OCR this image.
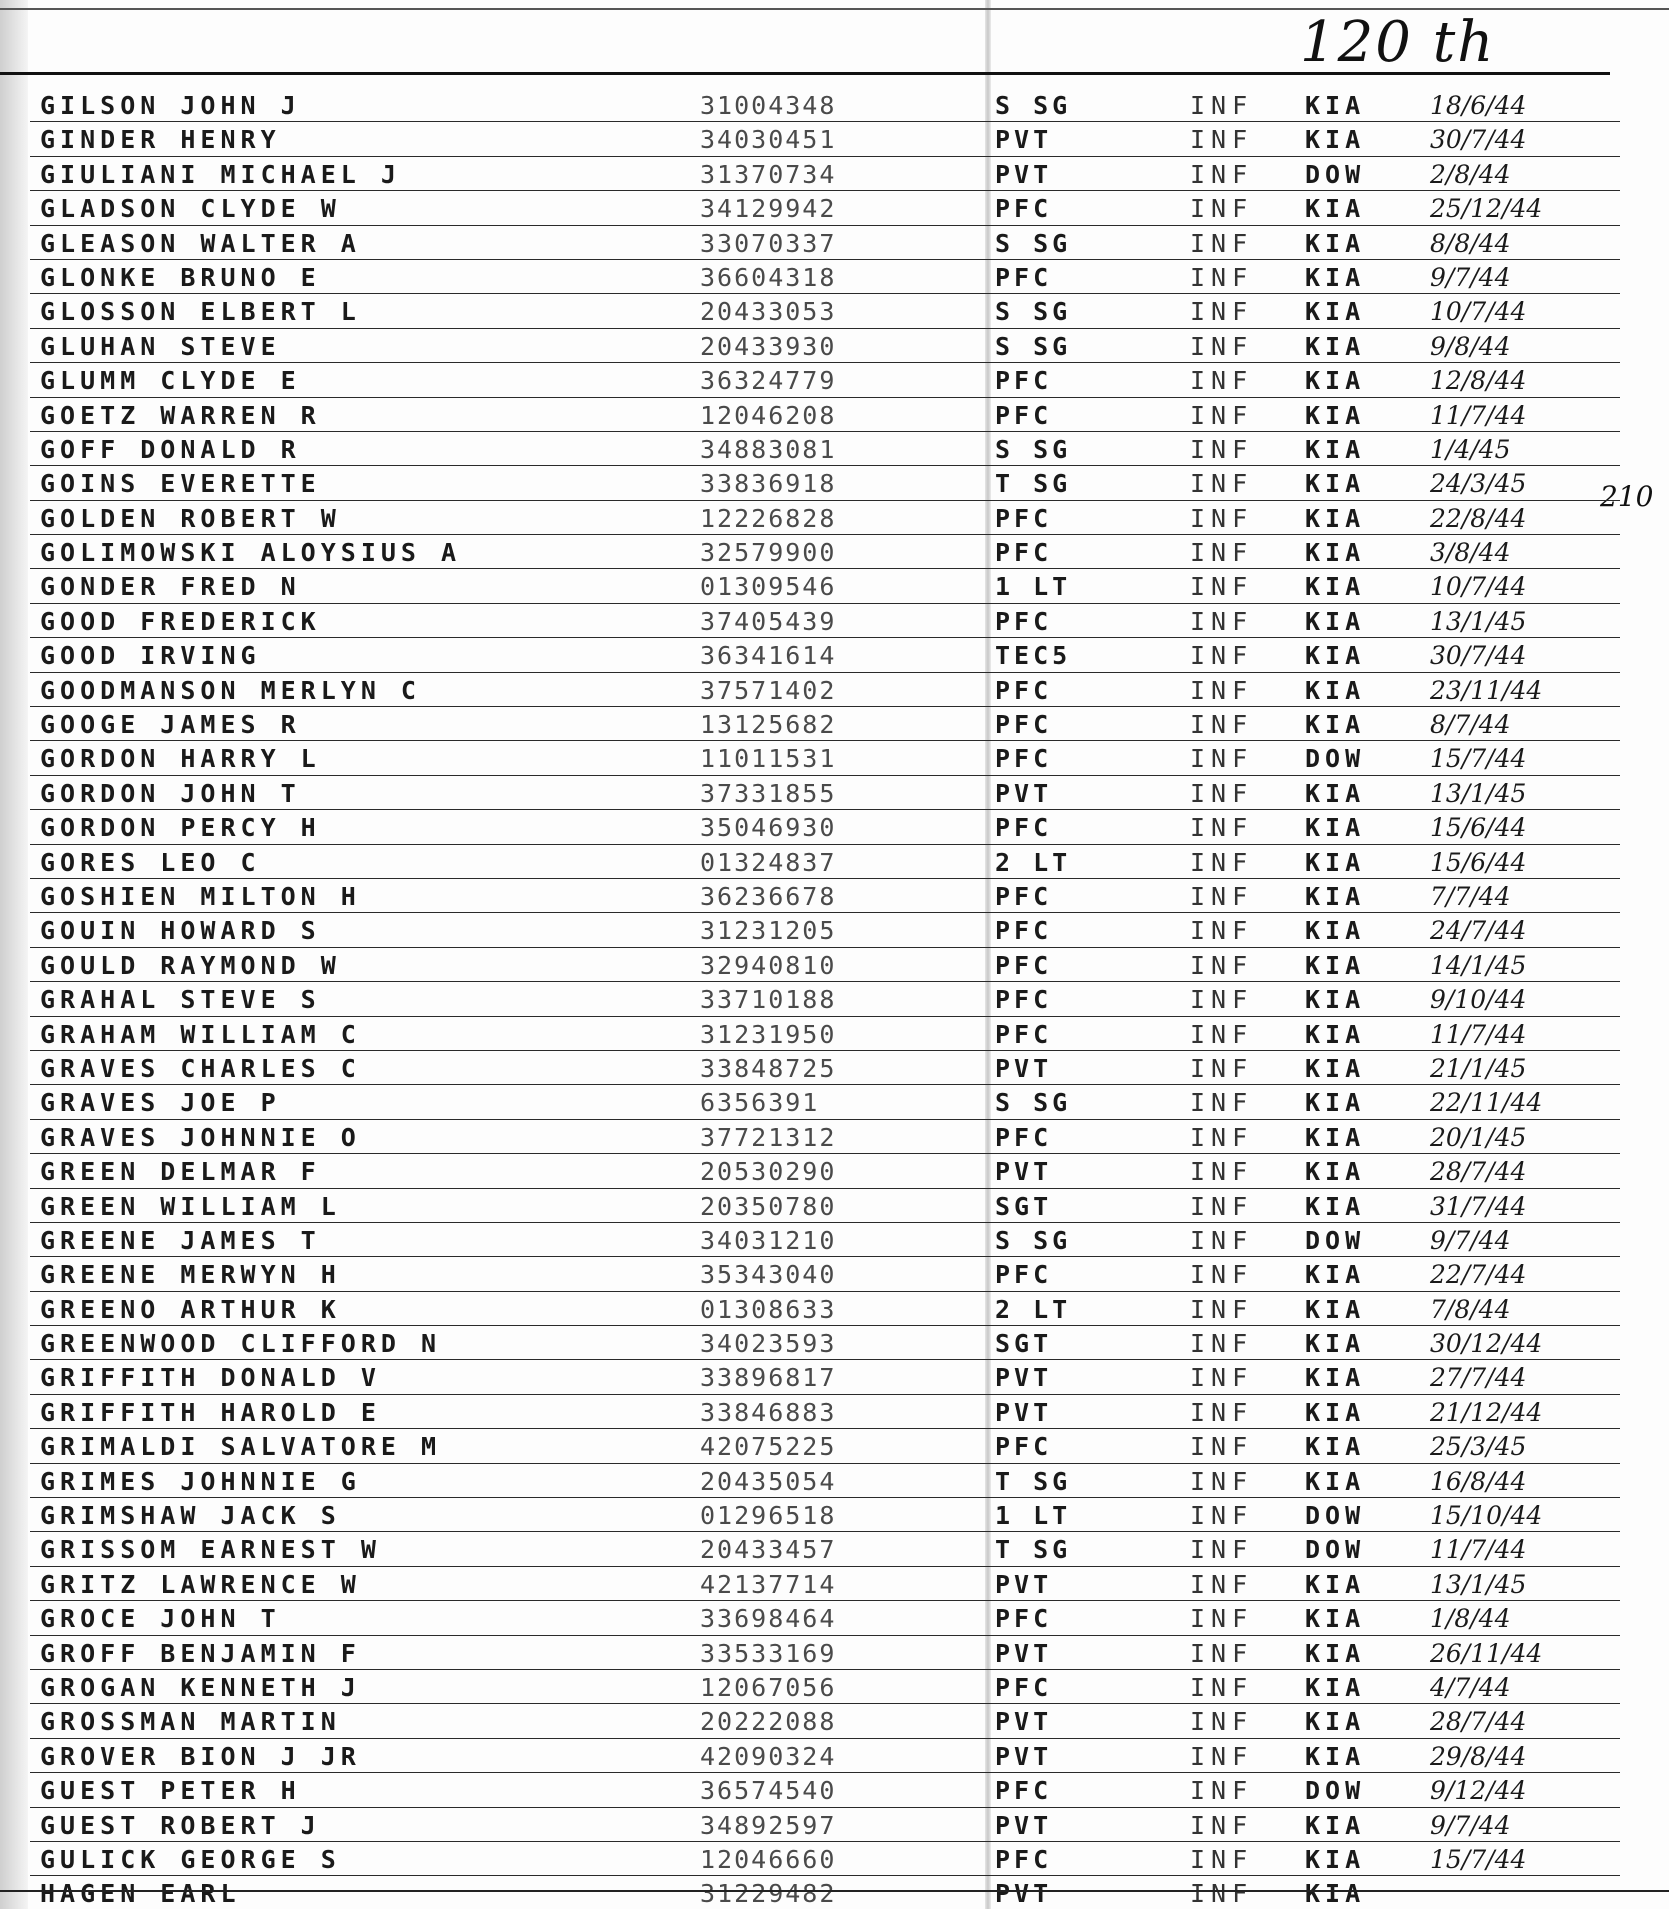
120 th
210
GILSON JOHN J	31004348	S SG	INF KIA	18/6/44
GINDER HENRY	34030451	PVT	INF KIA	30/7/44
GIULIANI MICHAEL J	31370734	PVT	INF DOW	2/8/44
GLADSON CLYDE W	34129942	PFC	INF KIA	25/12/44
GLEASON WALTER A	33070337	S SG	INF KIA	8/8/44
GLONKE BRUNO E	36604318	PFC	INF KIA	9/7/44
GLOSSON ELBERT L	20433053	S SG	INF KIA	10/7/44
GLUHAN STEVE	20433930	S SG	INF KIA	9/8/44
GLUMM CLYDE E	36324779	PFC	INF KIA	12/8/44
GOETZ WARREN R	12046208	PFC	INF KIA	11/7/44
GOFF DONALD R	34883081	S SG	INF KIA	1/4/45
GOINS EVERETTE	33836918	T SG	INF KIA	24/3/45
GOLDEN ROBERT W	12226828	PFC	INF KIA	22/8/44
GOLIMOWSKI ALOYSIUS A	32579900	PFC	INF KIA	3/8/44
GONDER FRED N	01309546	1 LT	INF KIA	10/7/44
GOOD FREDERICK	37405439	PFC	INF KIA	13/1/45
GOOD IRVING	36341614	TEC5	INF KIA	30/7/44
GOODMANSON MERLYN C	37571402	PFC	INF KIA	23/11/44
GOOGE JAMES R	13125682	PFC	INF KIA	8/7/44
GORDON HARRY L	11011531	PFC	INF DOW	15/7/44
GORDON JOHN T	37331855	PVT	INF KIA	13/1/45
GORDON PERCY H	35046930	PFC	INF KIA	15/6/44
GORES LEO C	01324837	2 LT	INF KIA	15/6/44
GOSHIEN MILTON H	36236678	PFC	INF KIA	7/7/44
GOUIN HOWARD S	31231205	PFC	INF KIA	24/7/44
GOULD RAYMOND W	32940810	PFC	INF KIA	14/1/45
GRAHAL STEVE S	33710188	PFC	INF KIA	9/10/44
GRAHAM WILLIAM C	31231950	PFC	INF KIA	11/7/44
GRAVES CHARLES C	33848725	PVT	INF KIA	21/1/45
GRAVES JOE P	6356391	S SG	INF KIA	22/11/44
GRAVES JOHNNIE O	37721312	PFC	INF KIA	20/1/45
GREEN DELMAR F	20530290	PVT	INF KIA	28/7/44
GREEN WILLIAM L	20350780	SGT	INF KIA	31/7/44
GREENE JAMES T	34031210	S SG	INF DOW	9/7/44
GREENE MERWYN H	35343040	PFC	INF KIA	22/7/44
GREENO ARTHUR K	01308633	2 LT	INF KIA	7/8/44
GREENWOOD CLIFFORD N	34023593	SGT	INF KIA	30/12/44
GRIFFITH DONALD V	33896817	PVT	INF KIA	27/7/44
GRIFFITH HAROLD E	33846883	PVT	INF KIA	21/12/44
GRIMALDI SALVATORE M	42075225	PFC	INF KIA	25/3/45
GRIMES JOHNNIE G	20435054	T SG	INF KIA	16/8/44
GRIMSHAW JACK S	01296518	1 LT	INF DOW	15/10/44
GRISSOM EARNEST W	20433457	T SG	INF DOW	11/7/44
GRITZ LAWRENCE W	42137714	PVT	INF KIA	13/1/45
GROCE JOHN T	33698464	PFC	INF KIA	1/8/44
GROFF BENJAMIN F	33533169	PVT	INF KIA	26/11/44
GROGAN KENNETH J	12067056	PFC	INF KIA	4/7/44
GROSSMAN MARTIN	20222088	PVT	INF KIA	28/7/44
GROVER BION J JR	42090324	PVT	INF KIA	29/8/44
GUEST PETER H	36574540	PFC	INF DOW	9/12/44
GUEST ROBERT J	34892597	PVT	INF KIA	9/7/44
GULICK GEORGE S	12046660	PFC	INF KIA	15/7/44
HAGEN EARL	31229482	PVT	INF KIA
